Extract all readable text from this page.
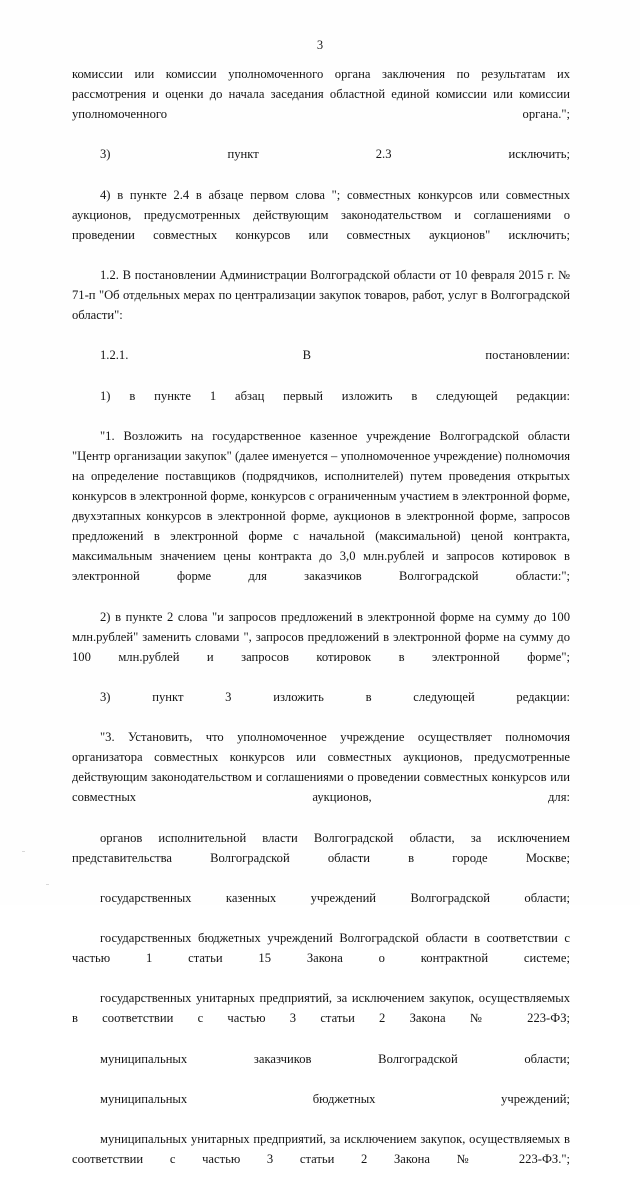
3

комиссии или комиссии уполномоченного органа заключения по результатам их рассмотрения и оценки до начала заседания областной единой комиссии или комиссии уполномоченного органа.";

3) пункт 2.3 исключить;

4) в пункте 2.4 в абзаце первом слова "; совместных конкурсов или совместных аукционов, предусмотренных действующим законодательством и соглашениями о проведении совместных конкурсов или совместных аукционов" исключить;

1.2. В постановлении Администрации Волгоградской области от 10 февраля 2015 г. № 71-п "Об отдельных мерах по централизации закупок товаров, работ, услуг в Волгоградской области":

1.2.1. В постановлении:

1) в пункте 1 абзац первый изложить в следующей редакции:

"1. Возложить на государственное казенное учреждение Волгоградской области "Центр организации закупок" (далее именуется – уполномоченное учреждение) полномочия на определение поставщиков (подрядчиков, исполнителей) путем проведения открытых конкурсов в электронной форме, конкурсов с ограниченным участием в электронной форме, двухэтапных конкурсов в электронной форме, аукционов в электронной форме, запросов предложений в электронной форме с начальной (максимальной) ценой контракта, максимальным значением цены контракта до 3,0 млн.рублей и запросов котировок в электронной форме для заказчиков Волгоградской области:";

2) в пункте 2 слова "и запросов предложений в электронной форме на сумму до 100 млн.рублей" заменить словами ", запросов предложений в электронной форме на сумму до 100 млн.рублей и запросов котировок в электронной форме";

3) пункт 3 изложить в следующей редакции:

"3. Установить, что уполномоченное учреждение осуществляет полномочия организатора совместных конкурсов или совместных аукционов, предусмотренные действующим законодательством и соглашениями о проведении совместных конкурсов или совместных аукционов, для:

органов исполнительной власти Волгоградской области, за исключением представительства Волгоградской области в городе Москве;

государственных казенных учреждений Волгоградской области;

государственных бюджетных учреждений Волгоградской области в соответствии с частью 1 статьи 15 Закона о контрактной системе;

государственных унитарных предприятий, за исключением закупок, осуществляемых в соответствии с частью 3 статьи 2 Закона № 223-ФЗ;

муниципальных заказчиков Волгоградской области;

муниципальных бюджетных учреждений;

муниципальных унитарных предприятий, за исключением закупок, осуществляемых в соответствии с частью 3 статьи 2 Закона № 223-ФЗ.";
